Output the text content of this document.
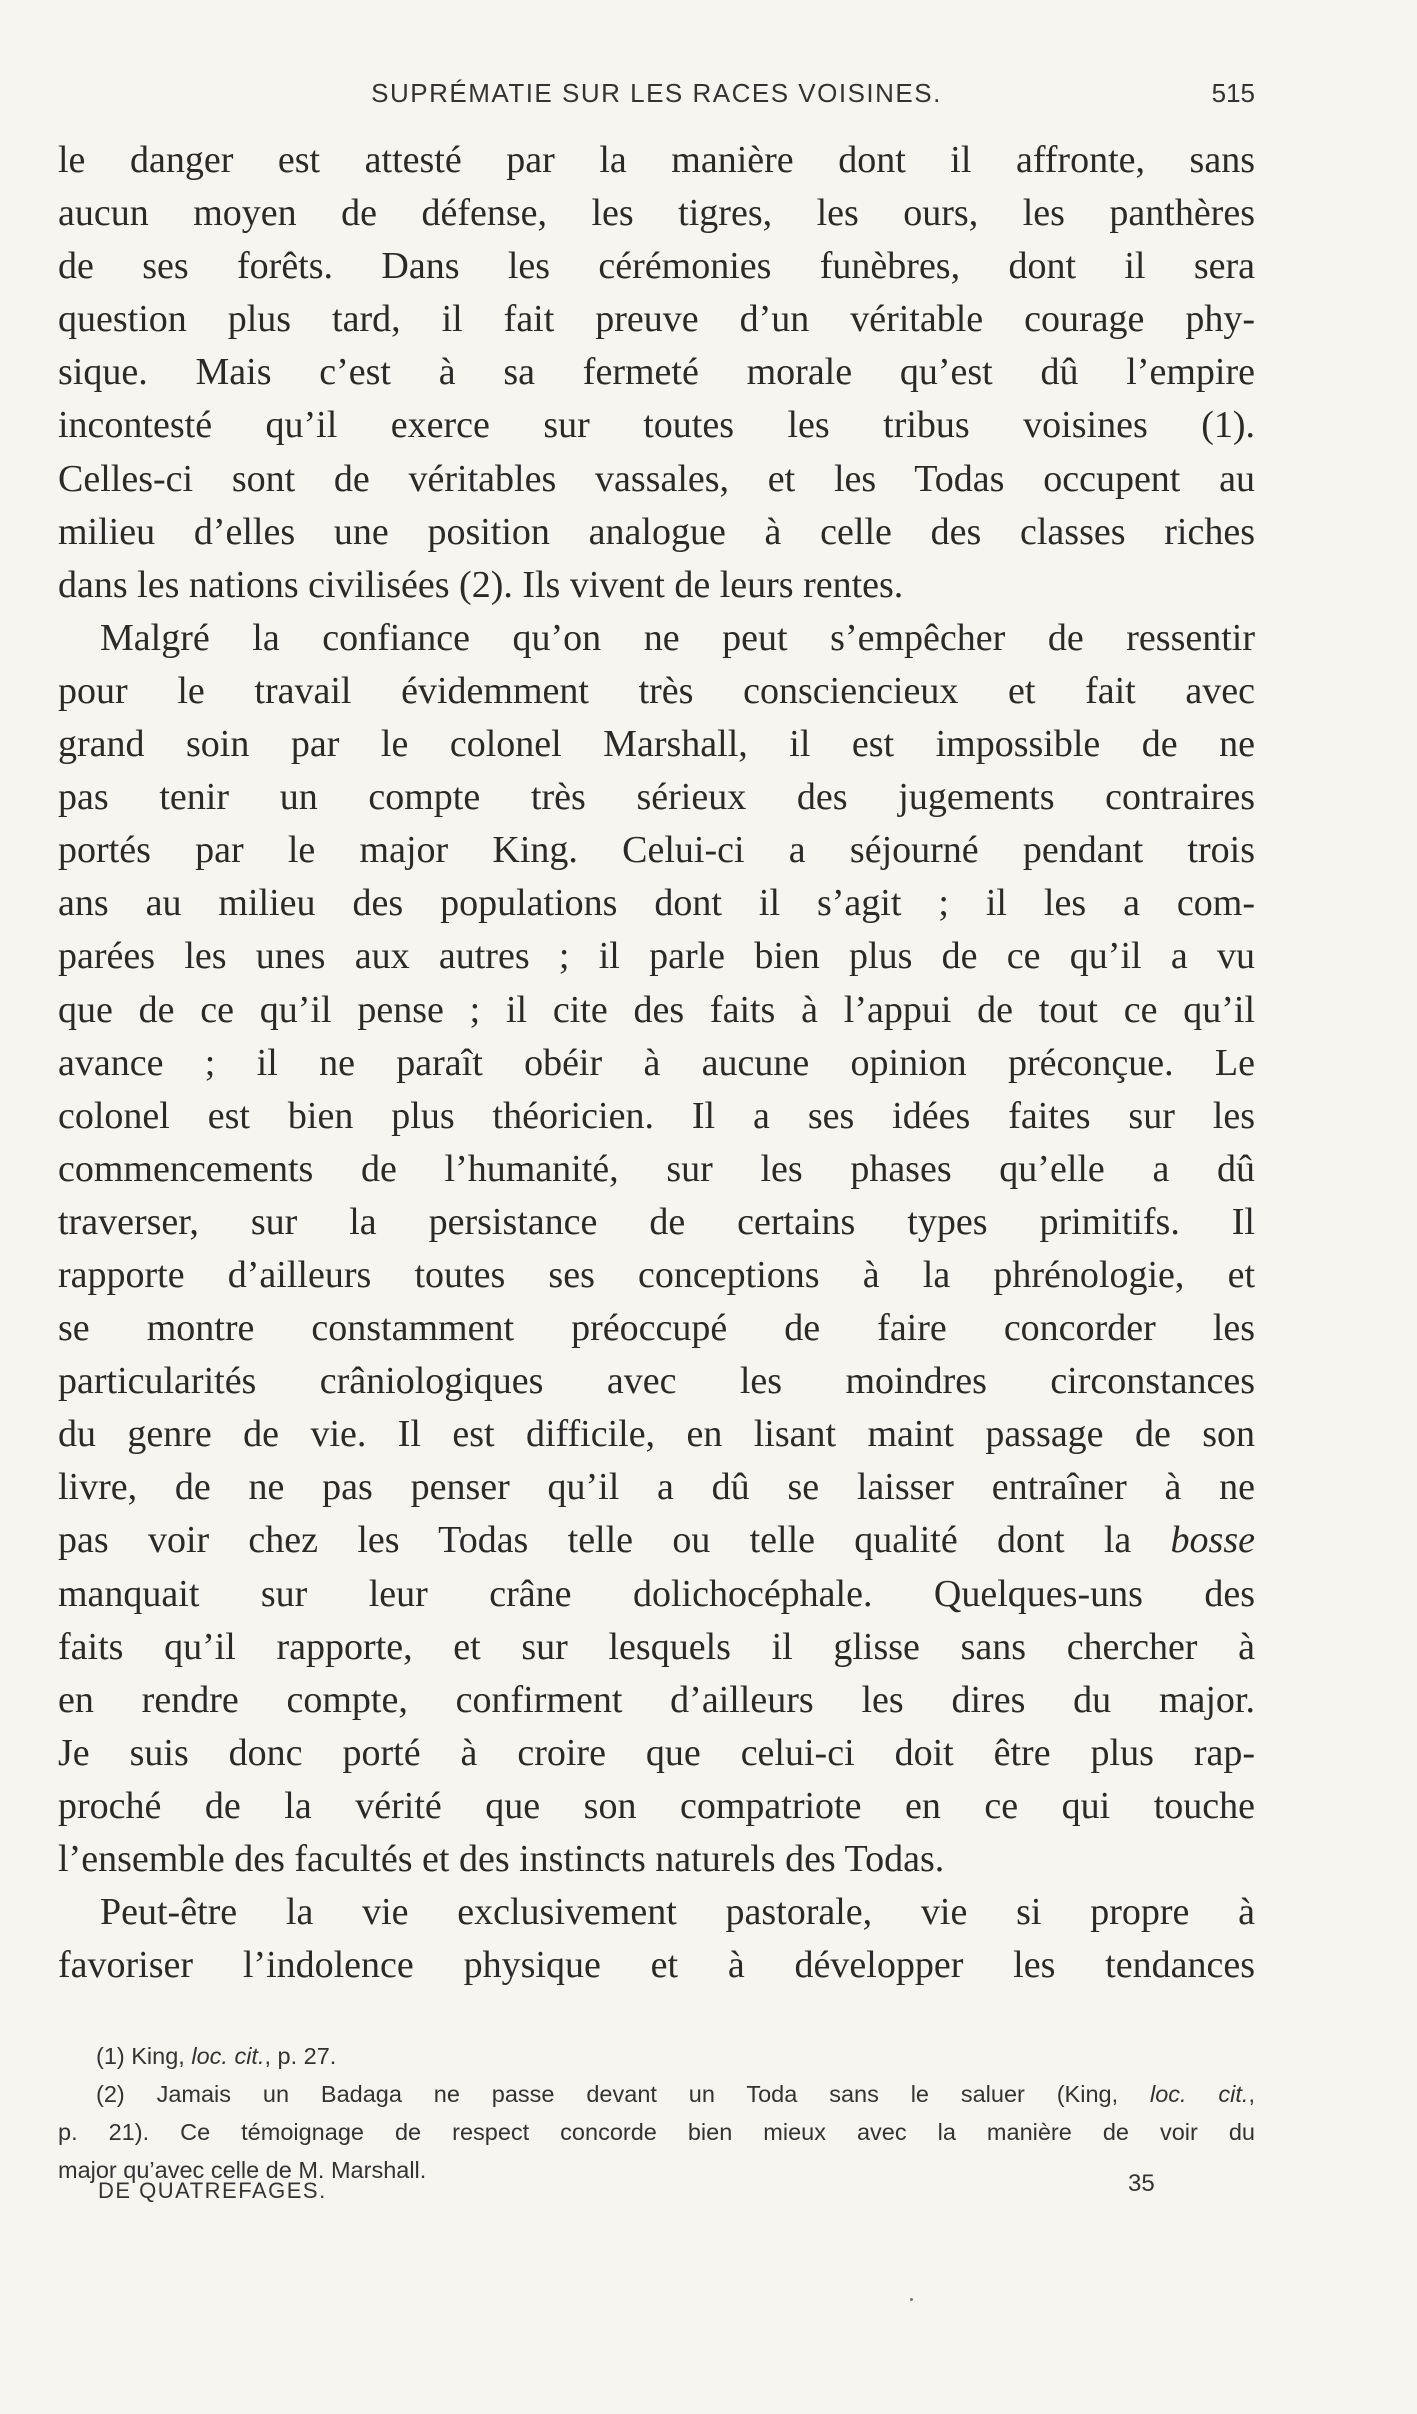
SUPRÉMATIE SUR LES RACES VOISINES.	515
le danger est attesté par la manière dont il affronte, sans
aucun moyen de défense, les tigres, les ours, les panthères
de ses forêts. Dans les cérémonies funèbres, dont il sera
question plus tard, il fait preuve d’un véritable courage phy-
sique. Mais c’est à sa fermeté morale qu’est dû l’empire
incontesté qu’il exerce sur toutes les tribus voisines (1).
Celles-ci sont de véritables vassales, et les Todas occupent au
milieu d’elles une position analogue à celle des classes riches
dans les nations civilisées (2). Ils vivent de leurs rentes.
Malgré la confiance qu’on ne peut s’empêcher de ressentir
pour le travail évidemment très consciencieux et fait avec
grand soin par le colonel Marshall, il est impossible de ne
pas tenir un compte très sérieux des jugements contraires
portés par le major King. Celui-ci a séjourné pendant trois
ans au milieu des populations dont il s’agit ; il les a com-
parées les unes aux autres ; il parle bien plus de ce qu’il a vu
que de ce qu’il pense ; il cite des faits à l’appui de tout ce qu’il
avance ; il ne paraît obéir à aucune opinion préconçue. Le
colonel est bien plus théoricien. Il a ses idées faites sur les
commencements de l’humanité, sur les phases qu’elle a dû
traverser, sur la persistance de certains types primitifs. Il
rapporte d’ailleurs toutes ses conceptions à la phrénologie, et
se montre constamment préoccupé de faire concorder les
particularités crâniologiques avec les moindres circonstances
du genre de vie. Il est difficile, en lisant maint passage de son
livre, de ne pas penser qu’il a dû se laisser entraîner à ne
pas voir chez les Todas telle ou telle qualité dont la bosse
manquait sur leur crâne dolichocéphale. Quelques-uns des
faits qu’il rapporte, et sur lesquels il glisse sans chercher à
en rendre compte, confirment d’ailleurs les dires du major.
Je suis donc porté à croire que celui-ci doit être plus rap-
proché de la vérité que son compatriote en ce qui touche
l’ensemble des facultés et des instincts naturels des Todas.
Peut-être la vie exclusivement pastorale, vie si propre à
favoriser l’indolence physique et à développer les tendances
(1) King, loc. cit., p. 27.
(2) Jamais un Badaga ne passe devant un Toda sans le saluer (King, loc. cit.,
p. 21). Ce témoignage de respect concorde bien mieux avec la manière de voir du
major qu’avec celle de M. Marshall.
DE QUATREFAGES.	35
